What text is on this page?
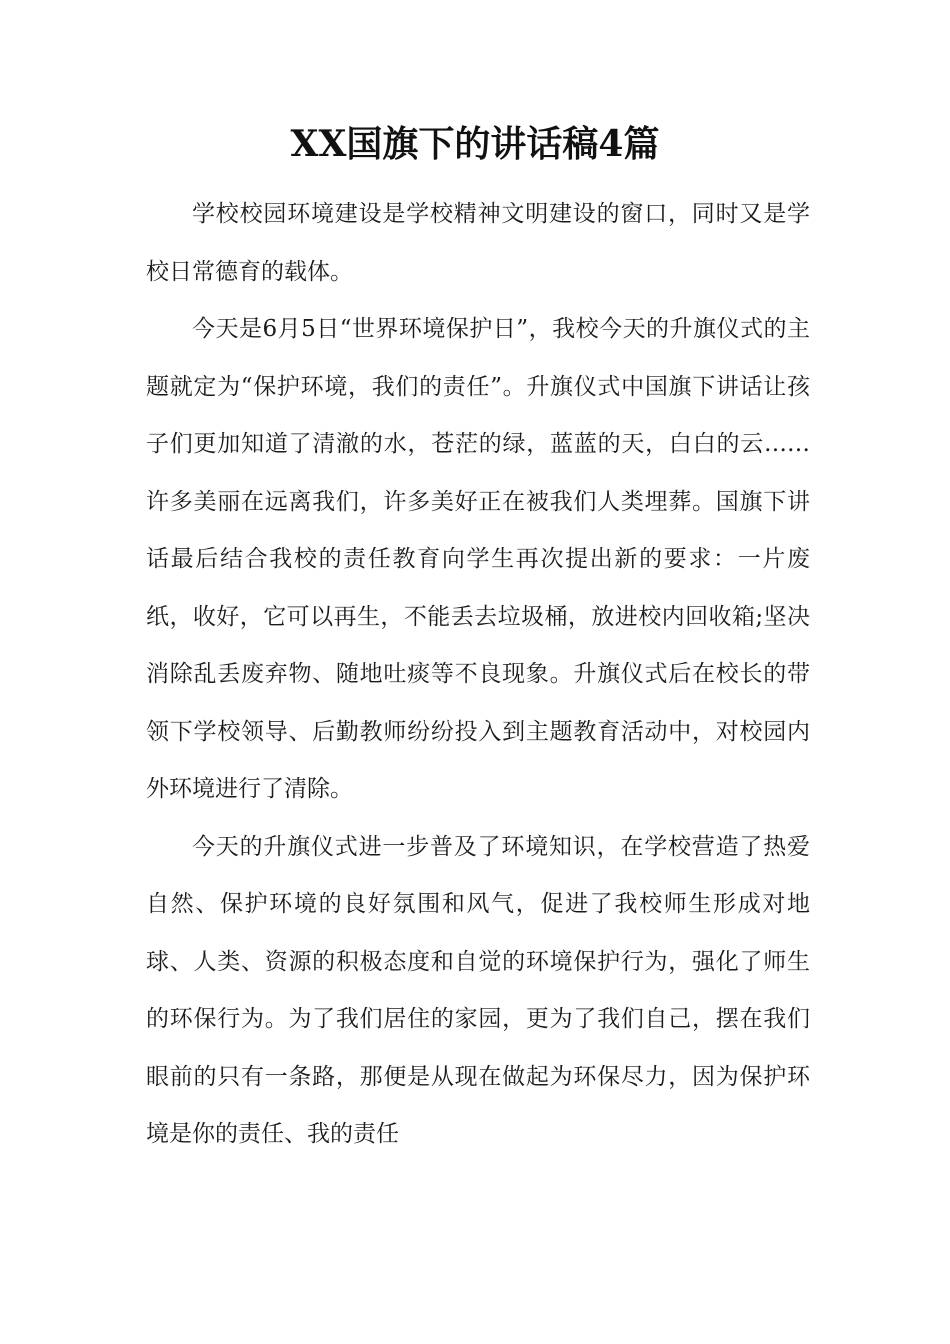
XX国旗下的讲话稿4篇

学校校园环境建设是学校精神文明建设的窗口，同时又是学校日常德育的载体。

今天是6月5日“世界环境保护日”，我校今天的升旗仪式的主题就定为“保护环境，我们的责任”。升旗仪式中国旗下讲话让孩子们更加知道了清澈的水，苍茫的绿，蓝蓝的天，白白的云……许多美丽在远离我们，许多美好正在被我们人类埋葬。国旗下讲话最后结合我校的责任教育向学生再次提出新的要求：一片废纸，收好，它可以再生，不能丢去垃圾桶，放进校内回收箱;坚决消除乱丢废弃物、随地吐痰等不良现象。升旗仪式后在校长的带领下学校领导、后勤教师纷纷投入到主题教育活动中，对校园内外环境进行了清除。

今天的升旗仪式进一步普及了环境知识，在学校营造了热爱自然、保护环境的良好氛围和风气，促进了我校师生形成对地球、人类、资源的积极态度和自觉的环境保护行为，强化了师生的环保行为。为了我们居住的家园，更为了我们自己，摆在我们眼前的只有一条路，那便是从现在做起为环保尽力，因为保护环境是你的责任、我的责任
